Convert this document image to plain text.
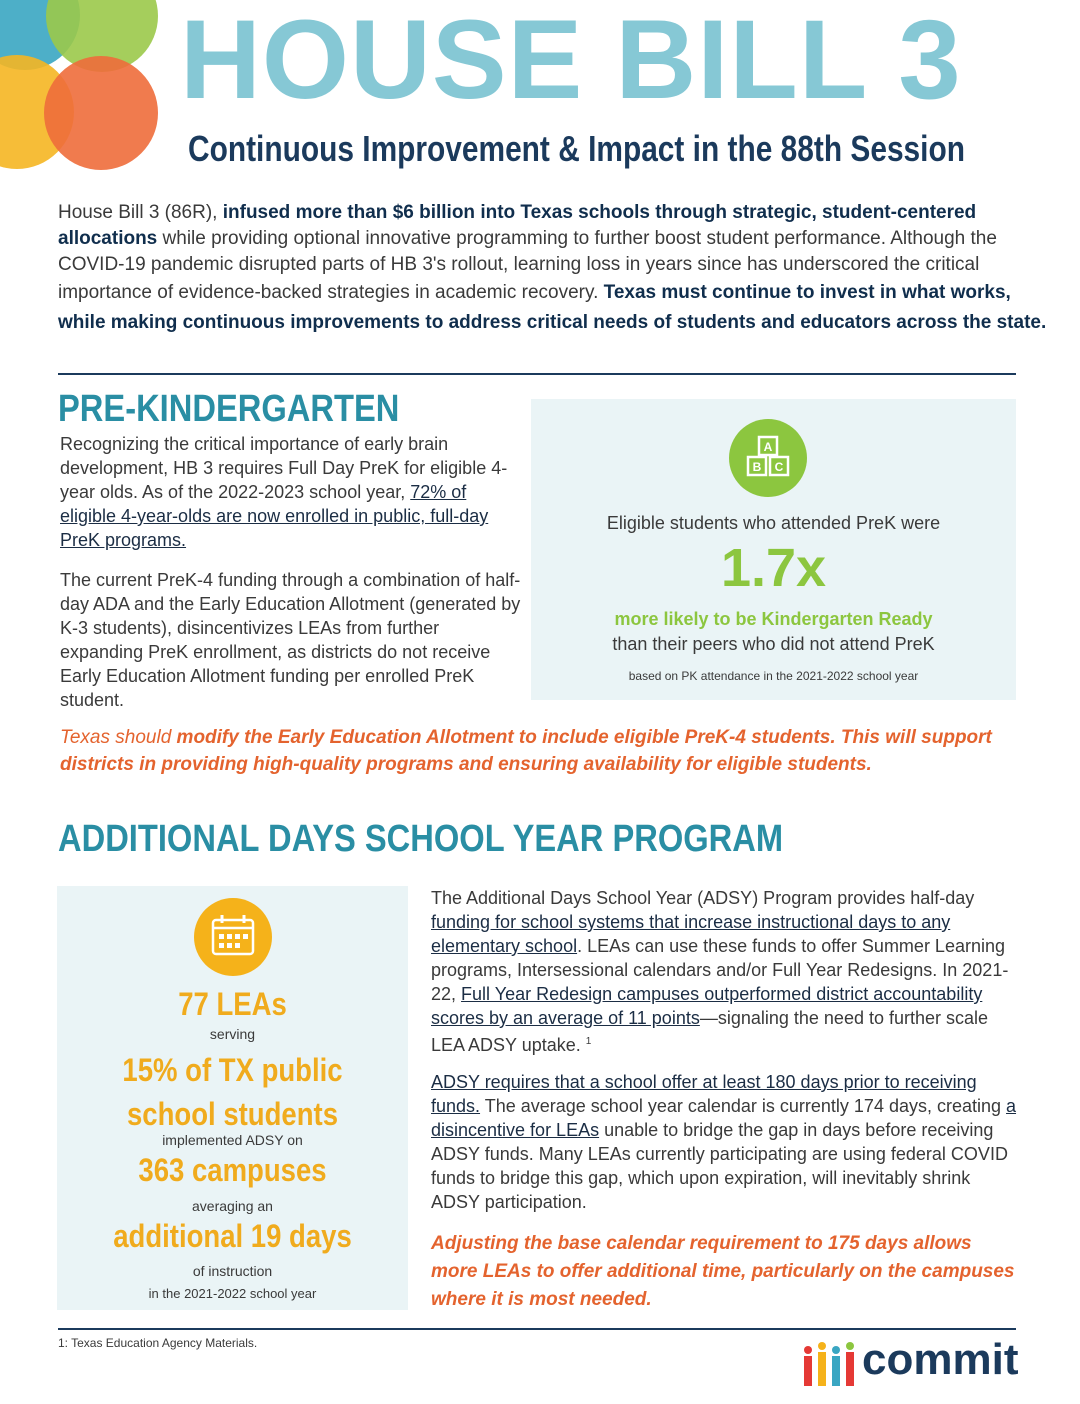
HOUSE BILL 3
Continuous Improvement & Impact in the 88th Session
House Bill 3 (86R), infused more than $6 billion into Texas schools through strategic, student-centered allocations while providing optional innovative programming to further boost student performance. Although the COVID-19 pandemic disrupted parts of HB 3's rollout, learning loss in years since has underscored the critical importance of evidence-backed strategies in academic recovery. Texas must continue to invest in what works, while making continuous improvements to address critical needs of students and educators across the state.
PRE-KINDERGARTEN
Recognizing the critical importance of early brain development, HB 3 requires Full Day PreK for eligible 4-year olds. As of the 2022-2023 school year, 72% of eligible 4-year-olds are now enrolled in public, full-day PreK programs.
The current PreK-4 funding through a combination of half-day ADA and the Early Education Allotment (generated by K-3 students), disincentivizes LEAs from further expanding PreK enrollment, as districts do not receive Early Education Allotment funding per enrolled PreK student.
A
B C
Eligible students who attended PreK were
1.7x
more likely to be Kindergarten Ready
than their peers who did not attend PreK
based on PK attendance in the 2021-2022 school year
Texas should modify the Early Education Allotment to include eligible PreK-4 students. This will support districts in providing high-quality programs and ensuring availability for eligible students.
ADDITIONAL DAYS SCHOOL YEAR PROGRAM
77 LEAs
serving
15% of TX public school students
implemented ADSY on
363 campuses
averaging an
additional 19 days
of instruction
in the 2021-2022 school year
The Additional Days School Year (ADSY) Program provides half-day funding for school systems that increase instructional days to any elementary school. LEAs can use these funds to offer Summer Learning programs, Intersessional calendars and/or Full Year Redesigns. In 2021-22, Full Year Redesign campuses outperformed district accountability scores by an average of 11 points—signaling the need to further scale LEA ADSY uptake. $^1$
ADSY requires that a school offer at least 180 days prior to receiving funds. The average school year calendar is currently 174 days, creating a disincentive for LEAs unable to bridge the gap in days before receiving ADSY funds. Many LEAs currently participating are using federal COVID funds to bridge this gap, which upon expiration, will inevitably shrink ADSY participation.
Adjusting the base calendar requirement to 175 days allows more LEAs to offer additional time, particularly on the campuses where it is most needed.
1: Texas Education Agency Materials.	commit
